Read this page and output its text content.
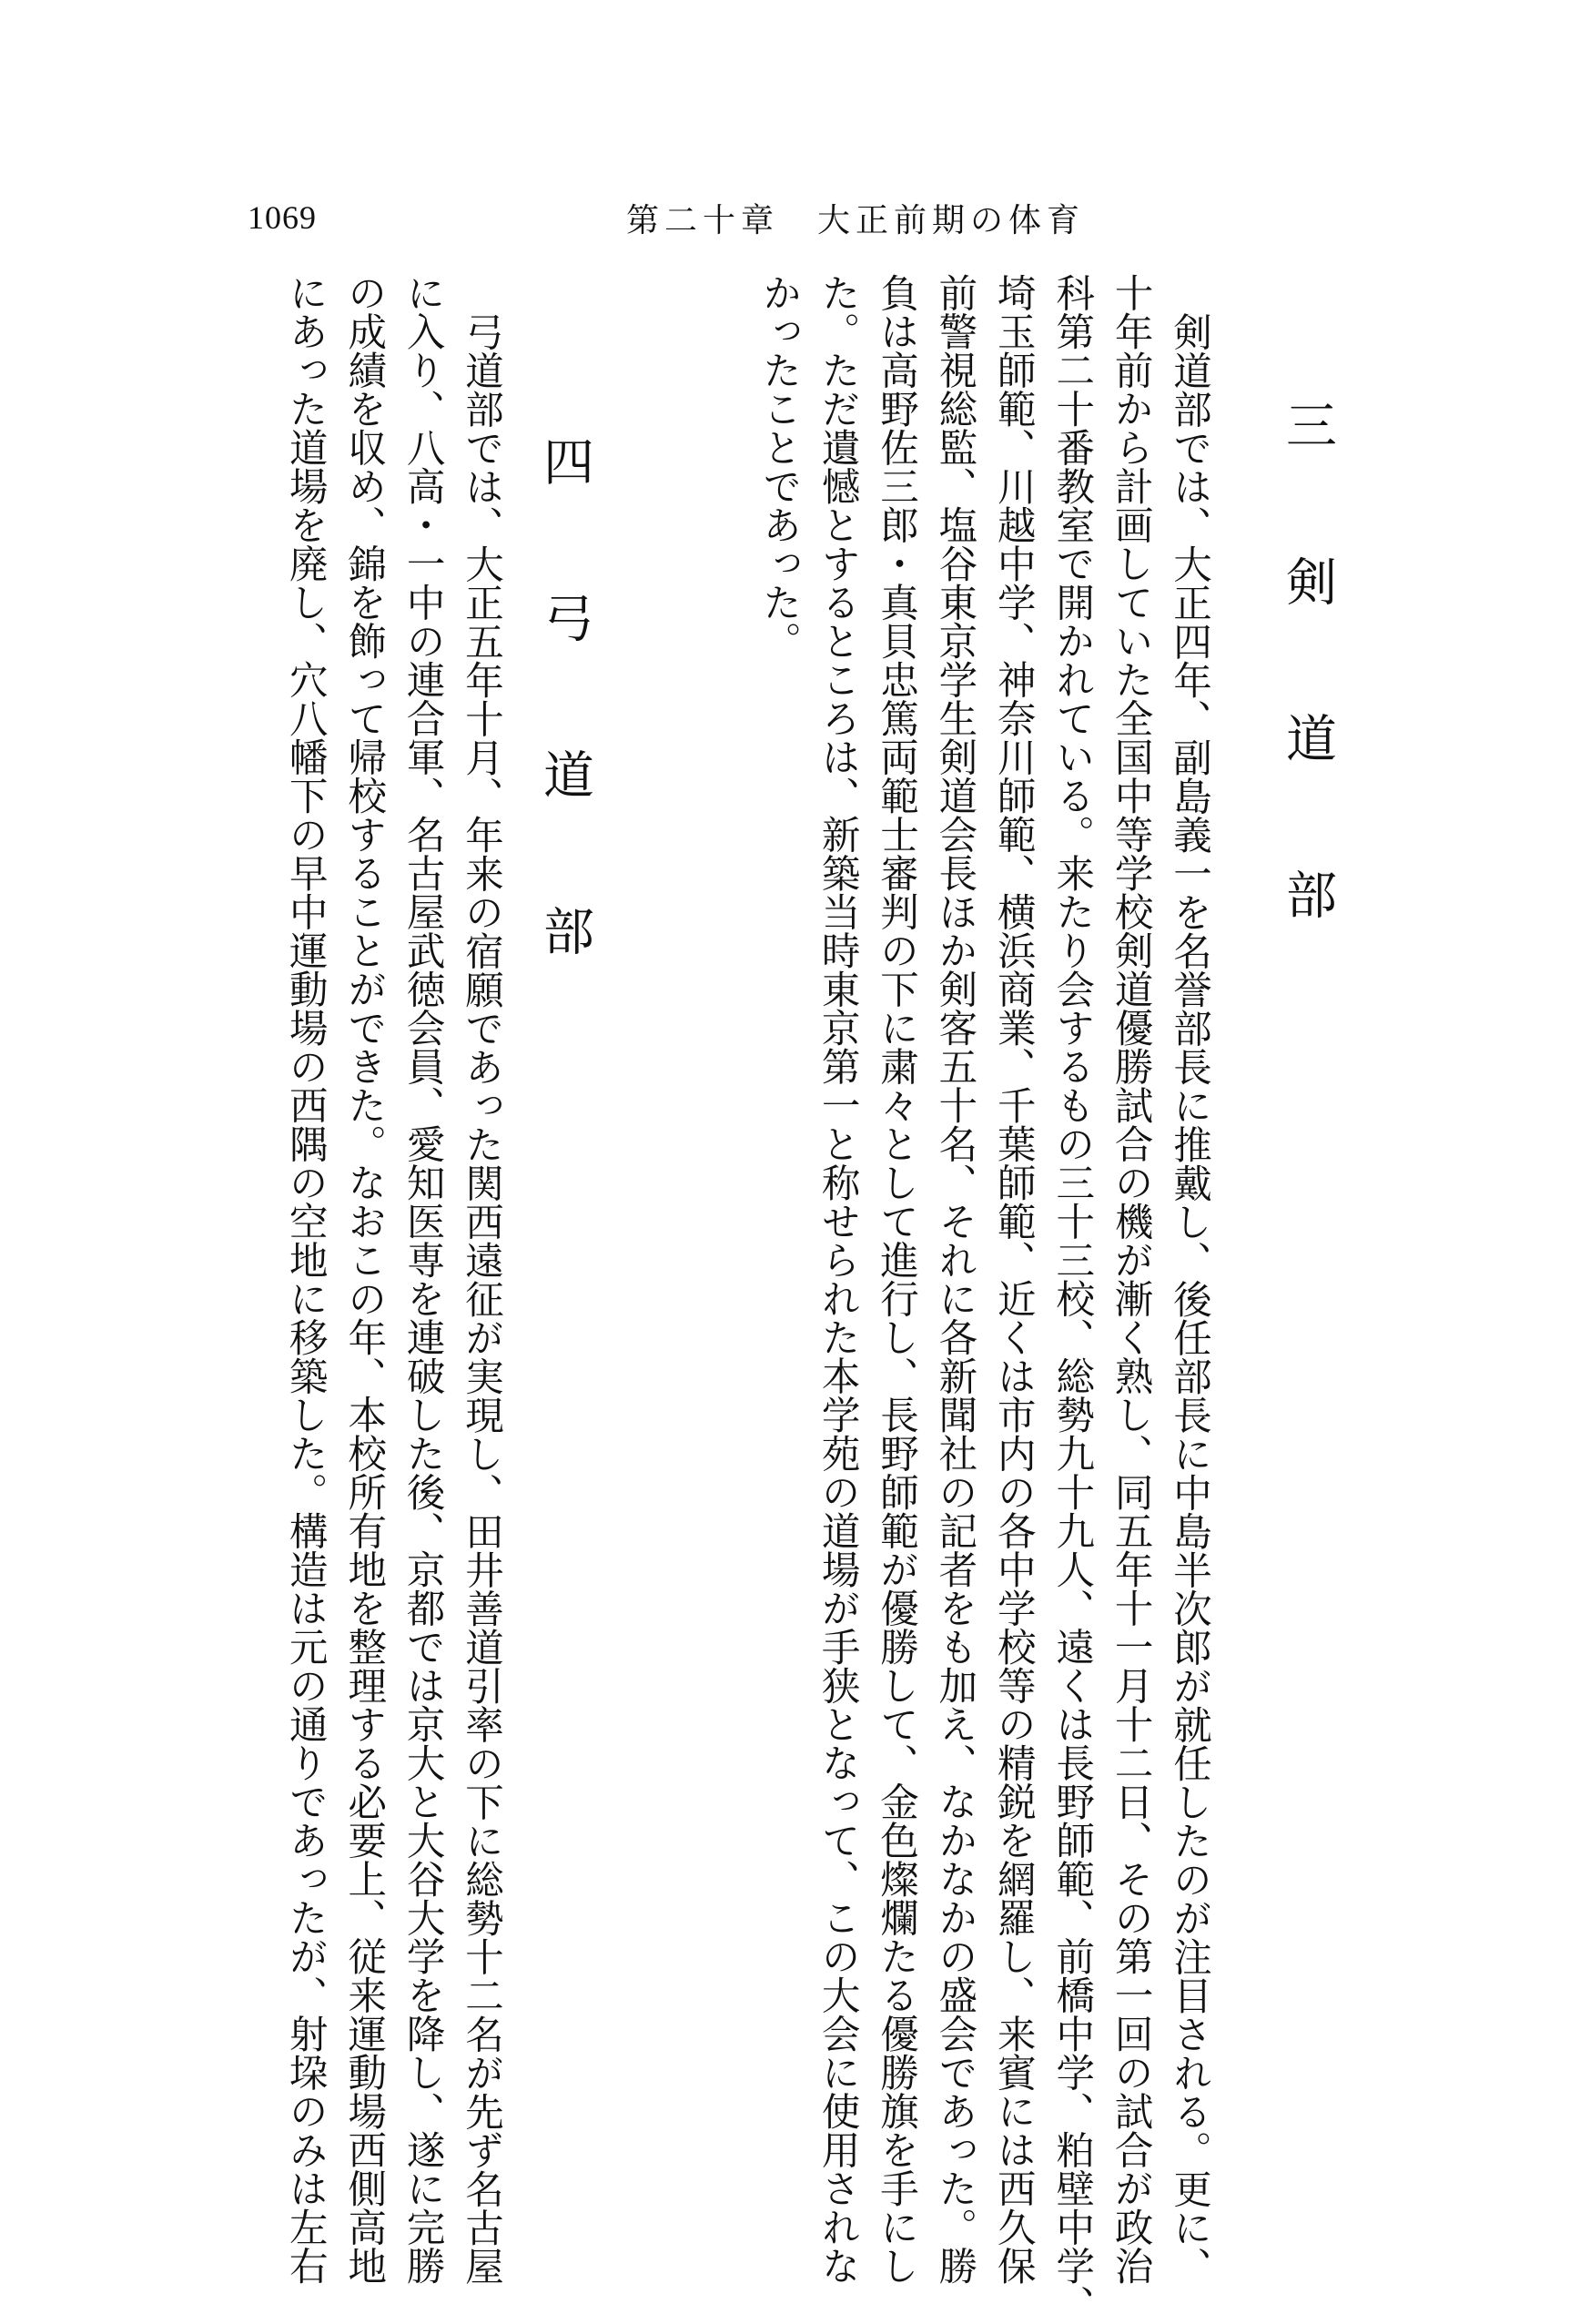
1069	第二十章　大正前期の体育
三　剣　道　部
剣道部では、大正四年、副島義一を名誉部長に推戴し、後任部長に中島半次郎が就任したのが注目される。更に、
十年前から計画していた全国中等学校剣道優勝試合の機が漸く熟し、同五年十一月十二日、その第一回の試合が政治
科第二十番教室で開かれている。来たり会するもの三十三校、総勢九十九人、遠くは長野師範、前橋中学、粕壁中学、
埼玉師範、川越中学、神奈川師範、横浜商業、千葉師範、近くは市内の各中学校等の精鋭を網羅し、来賓には西久保
前警視総監、塩谷東京学生剣道会長ほか剣客五十名、それに各新聞社の記者をも加え、なかなかの盛会であった。勝
負は高野佐三郎・真貝忠篤両範士審判の下に粛々として進行し、長野師範が優勝して、金色燦爛たる優勝旗を手にし
た。ただ遺憾とするところは、新築当時東京第一と称せられた本学苑の道場が手狭となって、この大会に使用されな
かったことであった。
四　弓　道　部
弓道部では、大正五年十月、年来の宿願であった関西遠征が実現し、田井善道引率の下に総勢十二名が先ず名古屋
に入り、八高・一中の連合軍、名古屋武徳会員、愛知医専を連破した後、京都では京大と大谷大学を降し、遂に完勝
の成績を収め、錦を飾って帰校することができた。なおこの年、本校所有地を整理する必要上、従来運動場西側高地
にあった道場を廃し、穴八幡下の早中運動場の西隅の空地に移築した。構造は元の通りであったが、射垜のみは左右
